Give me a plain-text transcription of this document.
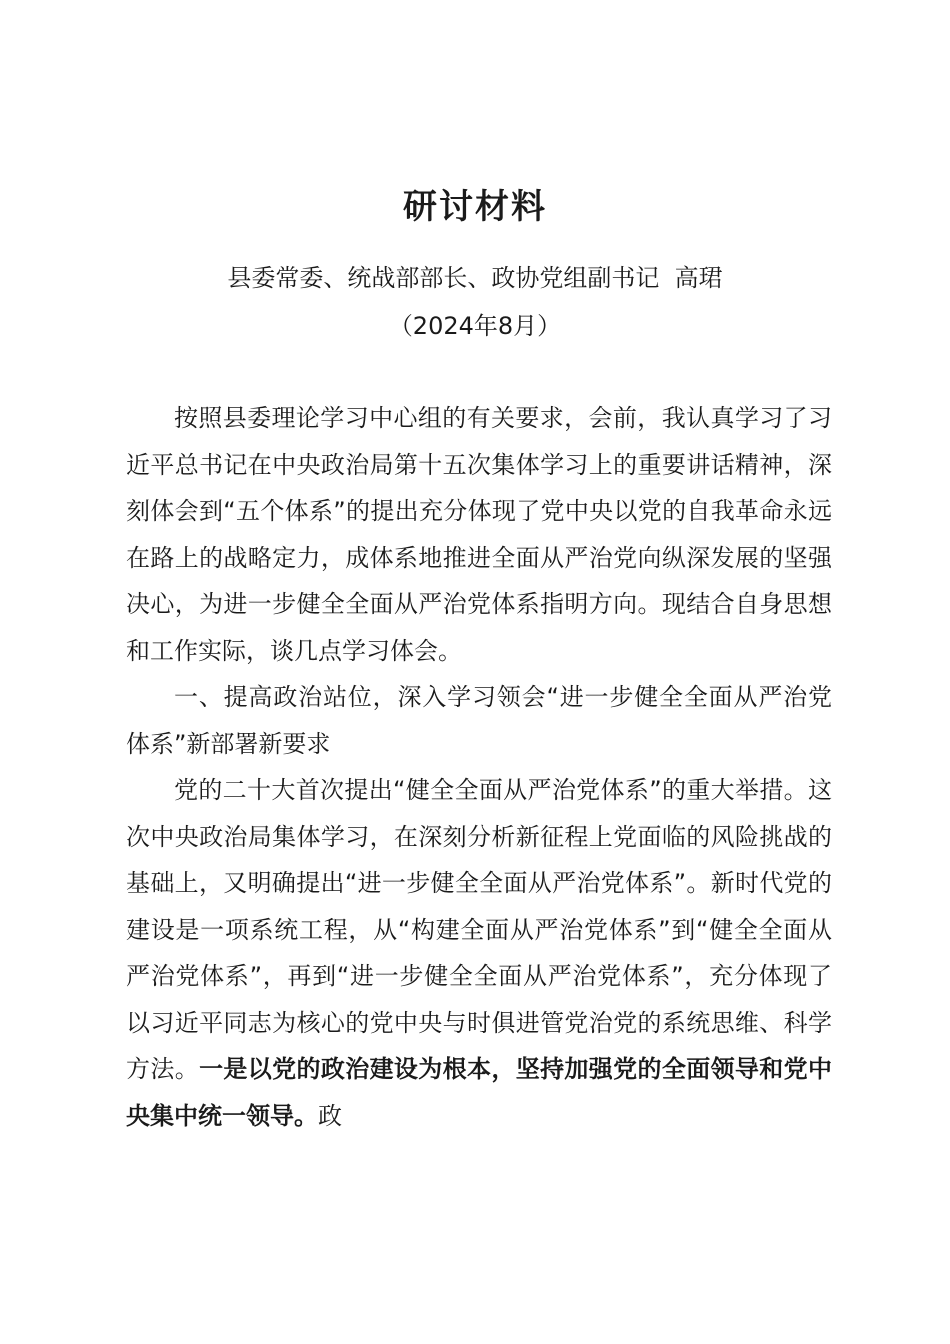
研讨材料
县委常委、统战部部长、政协党组副书记  高珺
（2024年8月）

按照县委理论学习中心组的有关要求，会前，我认真学习了习近平总书记在中央政治局第十五次集体学习上的重要讲话精神，深刻体会到“五个体系”的提出充分体现了党中央以党的自我革命永远在路上的战略定力，成体系地推进全面从严治党向纵深发展的坚强决心，为进一步健全全面从严治党体系指明方向。现结合自身思想和工作实际，谈几点学习体会。

一、提高政治站位，深入学习领会“进一步健全全面从严治党体系”新部署新要求

党的二十大首次提出“健全全面从严治党体系”的重大举措。这次中央政治局集体学习，在深刻分析新征程上党面临的风险挑战的基础上，又明确提出“进一步健全全面从严治党体系”。新时代党的建设是一项系统工程，从“构建全面从严治党体系”到“健全全面从严治党体系”，再到“进一步健全全面从严治党体系”，充分体现了以习近平同志为核心的党中央与时俱进管党治党的系统思维、科学方法。一是以党的政治建设为根本，坚持加强党的全面领导和党中央集中统一领导。政
